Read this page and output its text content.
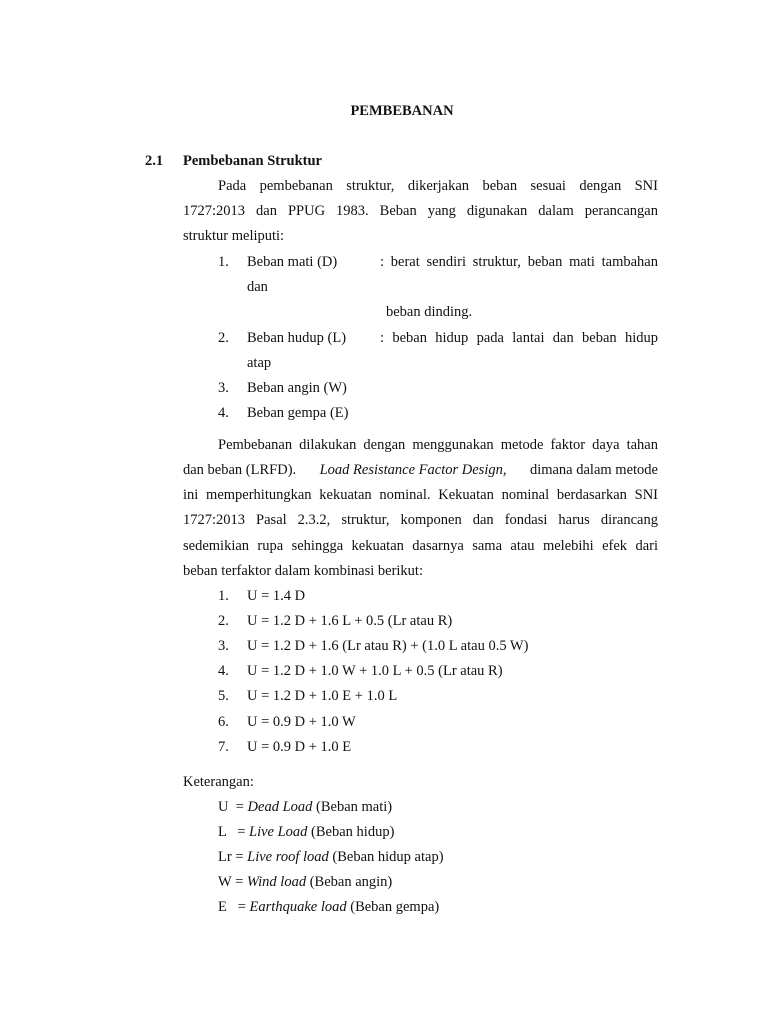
PEMBEBANAN
2.1 Pembebanan Struktur
Pada pembebanan struktur, dikerjakan beban sesuai dengan SNI
1727:2013 dan PPUG 1983. Beban yang digunakan dalam perancangan
struktur meliputi:
1. Beban mati (D)	: berat sendiri struktur, beban mati tambahan
dan
beban dinding.
2. Beban hudup (L) : beban hidup pada lantai dan beban hidup
atap
3. Beban angin (W)
4. Beban gempa (E)
Pembebanan dilakukan dengan menggunakan metode faktor daya tahan
dan beban (LRFD). Load Resistance Factor Design, dimana dalam metode
ini memperhitungkan kekuatan nominal. Kekuatan nominal berdasarkan SNI
1727:2013 Pasal 2.3.2, struktur, komponen dan fondasi harus dirancang
sedemikian rupa sehingga kekuatan dasarnya sama atau melebihi efek dari
beban terfaktor dalam kombinasi berikut:
1. U = 1.4 D
2. U = 1.2 D + 1.6 L + 0.5 (Lr atau R)
3. U = 1.2 D + 1.6 (Lr atau R) + (1.0 L atau 0.5 W)
4. U = 1.2 D + 1.0 W + 1.0 L + 0.5 (Lr atau R)
5. U = 1.2 D + 1.0 E + 1.0 L
6. U = 0.9 D + 1.0 W
7. U = 0.9 D + 1.0 E
Keterangan:
U  = Dead Load (Beban mati)
L   = Live Load (Beban hidup)
Lr = Live roof load (Beban hidup atap)
W = Wind load (Beban angin)
E   = Earthquake load (Beban gempa)
